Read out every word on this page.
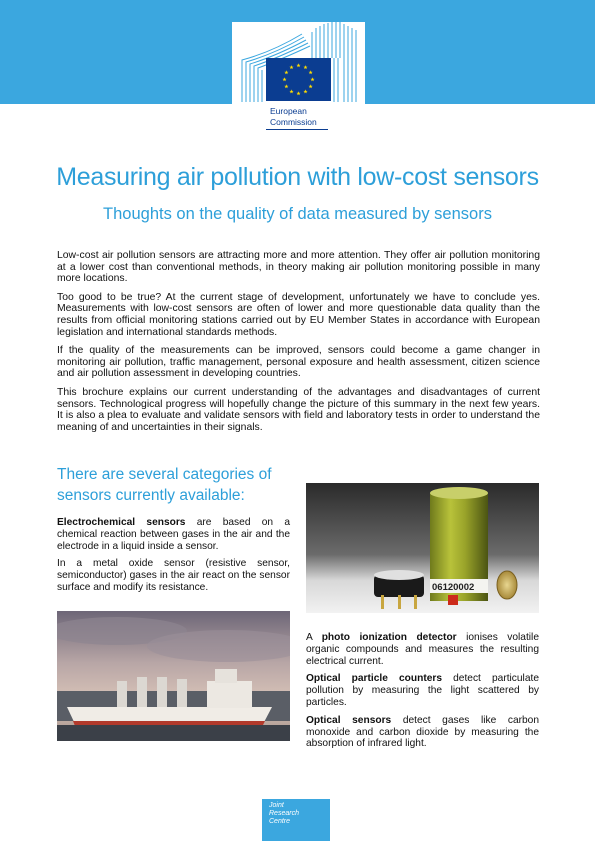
European
Commission
Measuring air pollution with low-cost sensors
Thoughts on the quality of data measured by sensors

Low-cost air pollution sensors are attracting more and more attention. They offer air pollution monitoring at a lower cost than conventional methods, in theory making air pollution monitoring possible in many more locations.

Too good to be true? At the current stage of development, unfortunately we have to conclude yes. Measurements with low-cost sensors are often of lower and more questionable data quality than the results from official monitoring stations carried out by EU Member States in accordance with European legislation and international standards methods.

If the quality of the measurements can be improved, sensors could become a game changer in monitoring air pollution, traffic management, personal exposure and health assessment, citizen science and air pollution assessment in developing countries.

This brochure explains our current understanding of the advantages and disadvantages of current sensors. Technological progress will hopefully change the picture of this summary in the next few years. It is also a plea to evaluate and validate sensors with field and laboratory tests in order to understand the meaning of and uncertainties in their signals.

There are several categories of sensors currently available:

Electrochemical sensors are based on a chemical reaction between gases in the air and the electrode in a liquid inside a sensor.

In a metal oxide sensor (resistive sensor, semiconductor) gases in the air react on the sensor surface and modify its resistance.	06120002

A photo ionization detector ionises volatile organic compounds and measures the resulting electrical current.

Optical particle counters detect particulate pollution by measuring the light scattered by particles.

Optical sensors detect gases like carbon monoxide and carbon dioxide by measuring the absorption of infrared light.

Joint
Research
Centre
